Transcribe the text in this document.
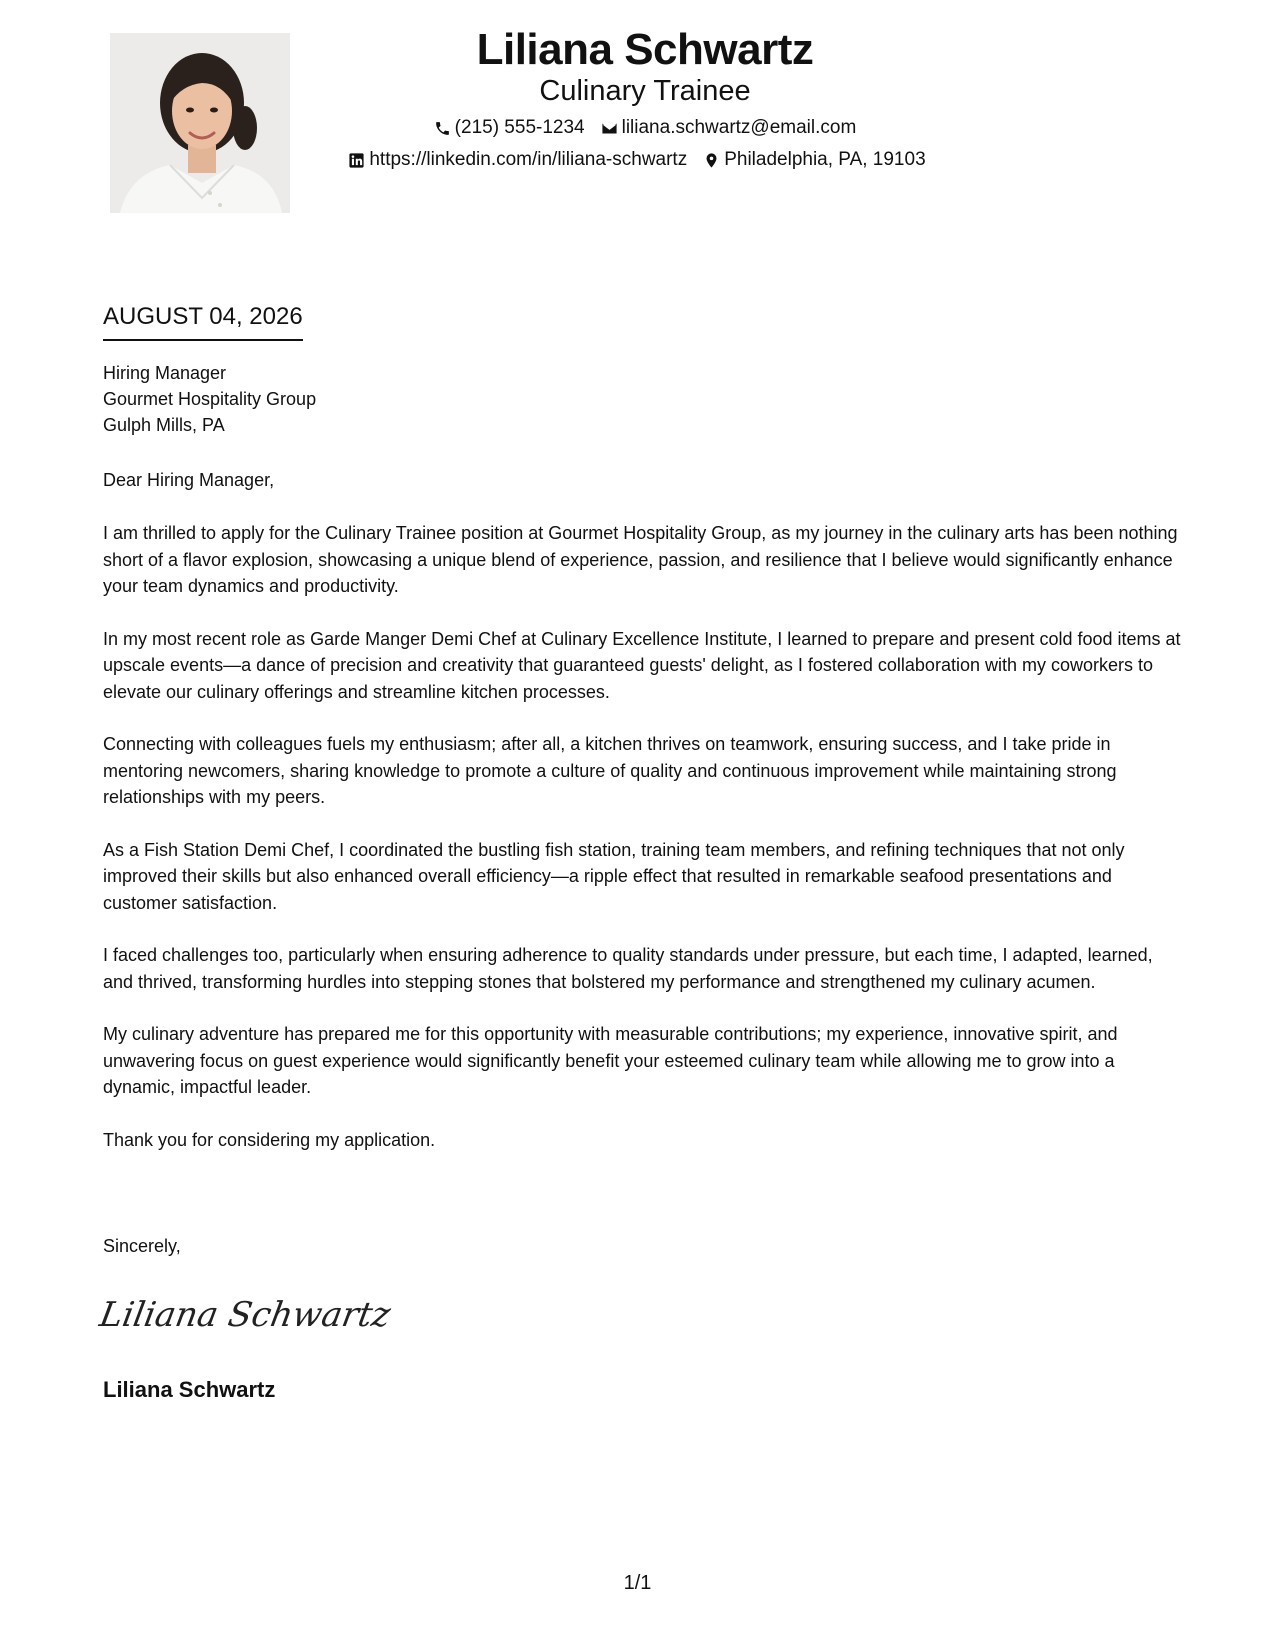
Liliana Schwartz
Culinary Trainee
(215) 555-1234 liliana.schwartz@email.com
https://linkedin.com/in/liliana-schwartz Philadelphia, PA, 19103
AUGUST 04, 2026
Hiring Manager
Gourmet Hospitality Group
Gulph Mills, PA
Dear Hiring Manager,

I am thrilled to apply for the Culinary Trainee position at Gourmet Hospitality Group, as my journey in the culinary arts has been nothing short of a flavor explosion, showcasing a unique blend of experience, passion, and resilience that I believe would significantly enhance your team dynamics and productivity.

In my most recent role as Garde Manger Demi Chef at Culinary Excellence Institute, I learned to prepare and present cold food items at upscale events—a dance of precision and creativity that guaranteed guests' delight, as I fostered collaboration with my coworkers to elevate our culinary offerings and streamline kitchen processes.

Connecting with colleagues fuels my enthusiasm; after all, a kitchen thrives on teamwork, ensuring success, and I take pride in mentoring newcomers, sharing knowledge to promote a culture of quality and continuous improvement while maintaining strong relationships with my peers.

As a Fish Station Demi Chef, I coordinated the bustling fish station, training team members, and refining techniques that not only improved their skills but also enhanced overall efficiency—a ripple effect that resulted in remarkable seafood presentations and customer satisfaction.

I faced challenges too, particularly when ensuring adherence to quality standards under pressure, but each time, I adapted, learned, and thrived, transforming hurdles into stepping stones that bolstered my performance and strengthened my culinary acumen.

My culinary adventure has prepared me for this opportunity with measurable contributions; my experience, innovative spirit, and unwavering focus on guest experience would significantly benefit your esteemed culinary team while allowing me to grow into a dynamic, impactful leader.

Thank you for considering my application.

Sincerely,
Liliana Schwartz
Liliana Schwartz
1/1
